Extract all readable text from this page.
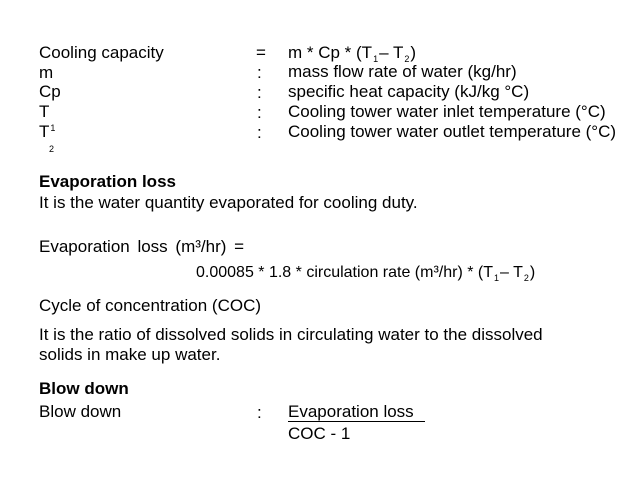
Cooling capacity	= m * Cp * ($T_1-$ $T_2$)
m	: mass flow rate of water (kg/hr)
Cp	: specific heat capacity (kJ/kg °C)
T	: Cooling tower water inlet temperature (°C)
$T^1$	: Cooling tower water outlet temperature (°C)
2
Evaporation loss
It is the water quantity evaporated for cooling duty.
Evaporation loss (m³/hr) =
0.00085 * 1.8 * circulation rate $(m^3/hr) * (T_1-$ $T_2$)
Cycle of concentration (COC)
It is the ratio of dissolved solids in circulating water to the dissolved
solids in make up water.
Blow down
Blow down	: Evaporation loss
COC - 1
